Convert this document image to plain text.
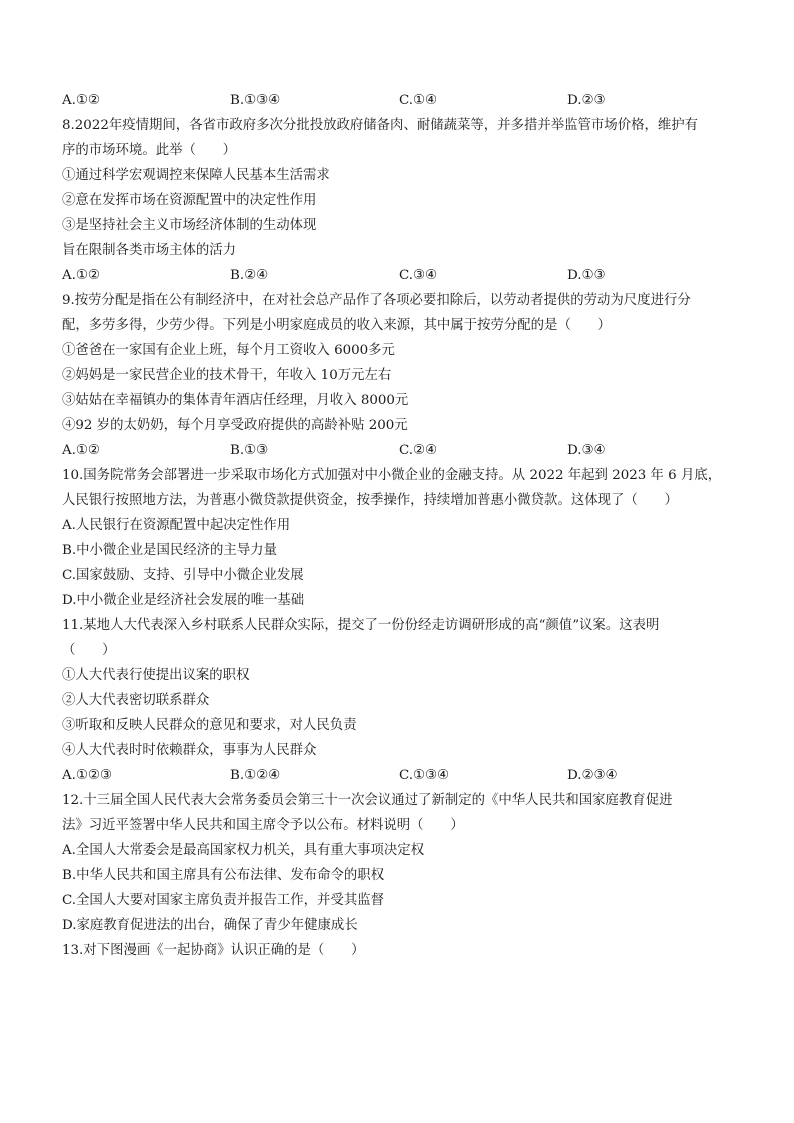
A.①②	B.①③④	C.①④	D.②③
8.2022年疫情期间，各省市政府多次分批投放政府储备肉、耐储蔬菜等，并多措并举监管市场价格，维护有
序的市场环境。此举（　　）
①通过科学宏观调控来保障人民基本生活需求
②意在发挥市场在资源配置中的决定性作用
③是坚持社会主义市场经济体制的生动体现
旨在限制各类市场主体的活力
A.①②	B.②④	C.③④	D.①③
9.按劳分配是指在公有制经济中，在对社会总产品作了各项必要扣除后，以劳动者提供的劳动为尺度进行分
配，多劳多得，少劳少得。下列是小明家庭成员的收入来源，其中属于按劳分配的是（　　）
①爸爸在一家国有企业上班，每个月工资收入 6000多元
②妈妈是一家民营企业的技术骨干，年收入 10万元左右
③姑姑在幸福镇办的集体青年酒店任经理，月收入 8000元
④92 岁的太奶奶，每个月享受政府提供的高龄补贴 200元
A.①②	B.①③	C.②④	D.③④
10.国务院常务会部署进一步采取市场化方式加强对中小微企业的金融支持。从 2022 年起到 2023 年 6 月底，
人民银行按照地方法，为普惠小微贷款提供资金，按季操作，持续增加普惠小微贷款。这体现了（　　）
A.人民银行在资源配置中起决定性作用
B.中小微企业是国民经济的主导力量
C.国家鼓励、支持、引导中小微企业发展
D.中小微企业是经济社会发展的唯一基础
11.某地人大代表深入乡村联系人民群众实际，提交了一份份经走访调研形成的高“颜值”议案。这表明
（　　）
①人大代表行使提出议案的职权
②人大代表密切联系群众
③听取和反映人民群众的意见和要求，对人民负责
④人大代表时时依赖群众，事事为人民群众
A.①②③	B.①②④	C.①③④	D.②③④
12.十三届全国人民代表大会常务委员会第三十一次会议通过了新制定的《中华人民共和国家庭教育促进
法》习近平签署中华人民共和国主席令予以公布。材料说明（　　）
A.全国人大常委会是最高国家权力机关，具有重大事项决定权
B.中华人民共和国主席具有公布法律、发布命令的职权
C.全国人大要对国家主席负责并报告工作，并受其监督
D.家庭教育促进法的出台，确保了青少年健康成长
13.对下图漫画《一起协商》认识正确的是（　　）
